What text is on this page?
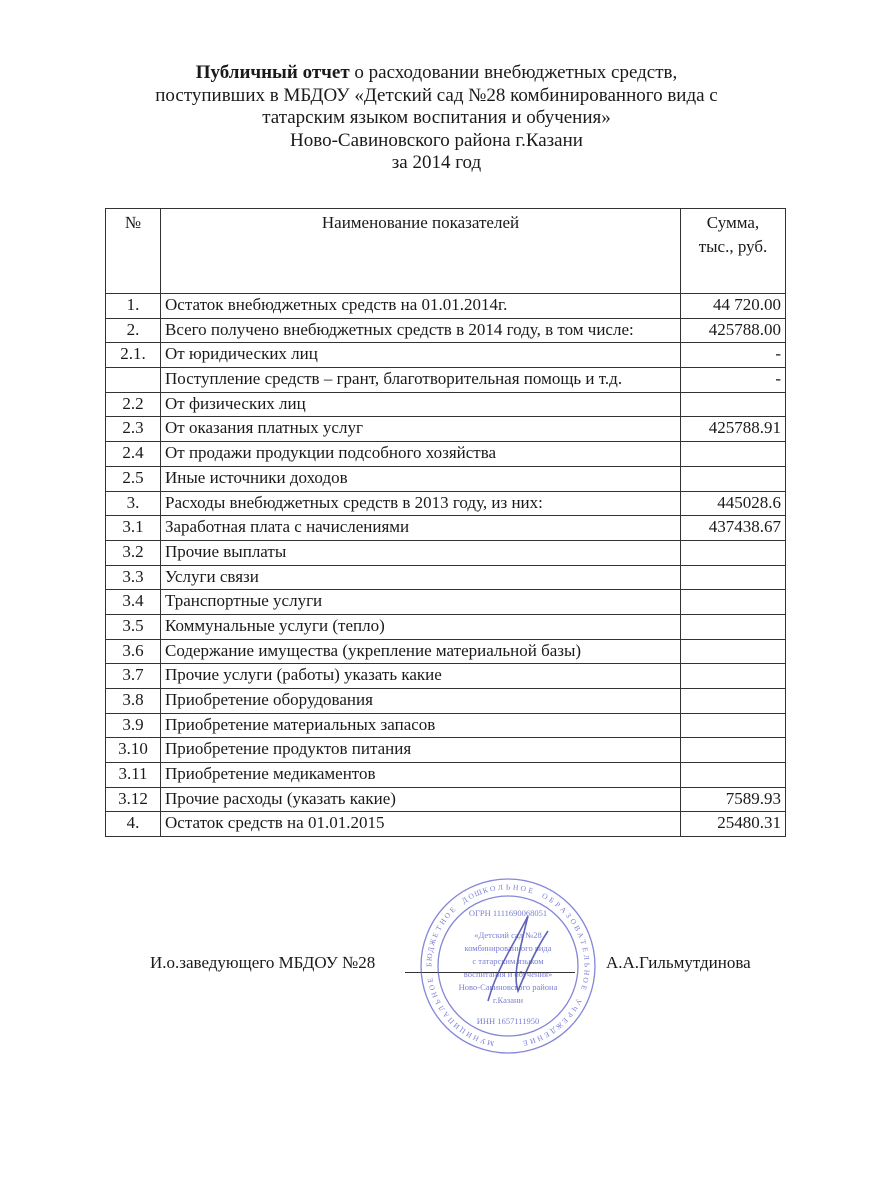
Публичный отчет о расходовании внебюджетных средств,
поступивших в МБДОУ «Детский сад №28 комбинированного вида с
татарским языком воспитания и обучения»
Ново-Савиновского района г.Казани
за 2014 год
№	Наименование показателей	Сумма, тыс., руб.
1.	Остаток внебюджетных средств на 01.01.2014г.	44 720.00
2.	Всего получено внебюджетных средств в 2014 году, в том числе:	425788.00
2.1.	От юридических лиц	-
	Поступление средств – грант, благотворительная помощь и т.д.	-
2.2	От физических лиц	
2.3	От оказания платных услуг	425788.91
2.4	От продажи продукции подсобного хозяйства	
2.5	Иные источники доходов	
3.	Расходы внебюджетных средств в 2013 году, из них:	445028.6
3.1	Заработная плата с начислениями	437438.67
3.2	Прочие выплаты	
3.3	Услуги связи	
3.4	Транспортные услуги	
3.5	Коммунальные услуги (тепло)	
3.6	Содержание имущества (укрепление материальной базы)	
3.7	Прочие услуги (работы) указать какие	
3.8	Приобретение оборудования	
3.9	Приобретение материальных запасов	
3.10	Приобретение продуктов питания	
3.11	Приобретение медикаментов	
3.12	Прочие расходы (указать какие)	7589.93
4.	Остаток средств на 01.01.2015	25480.31
И.о.заведующего МБДОУ №28	А.А.Гильмутдинова
М
У
Н
И
Ц
И
П
А
Л
Ь
Н
О
Е
Б
Ю
Д
Ж
Е
Т
Н
О
Е
Д
О
Ш
К О Л Ь Н О Е
О
Б
Р
А
З
О
В
А
Т
Е
Л
Ь
Н
О
Е
У
Ч
Р
Е
Ж
Д
Е
Н
И
Е
ОГРН 1111690068051
«Детский сад №28
комбинированного вида
с татарским языком
воспитания и обучения»
Ново-Савиновского района
г.Казани
ИНН 1657111950
